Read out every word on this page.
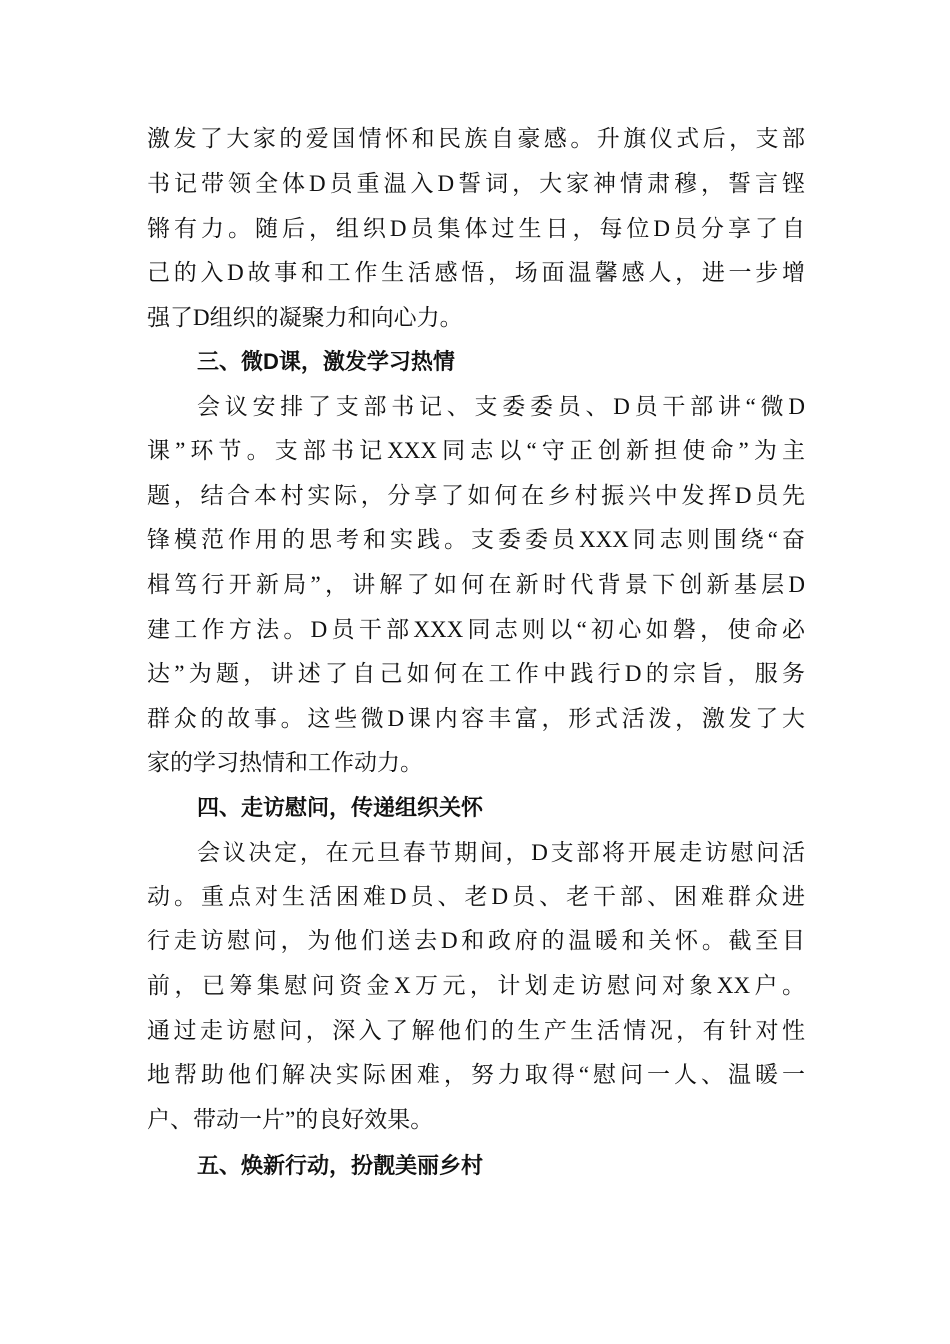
激发了大家的爱国情怀和民族自豪感。升旗仪式后，支部
书记带领全体D员重温入D誓词，大家神情肃穆，誓言铿
锵有力。随后，组织D员集体过生日，每位D员分享了自
己的入D故事和工作生活感悟，场面温馨感人，进一步增
强了D组织的凝聚力和向心力。
三、微D课，激发学习热情
会议安排了支部书记、支委委员、D员干部讲“微D
课”环节。支部书记XXX同志以“守正创新担使命”为主
题，结合本村实际，分享了如何在乡村振兴中发挥D员先
锋模范作用的思考和实践。支委委员XXX同志则围绕“奋
楫笃行开新局”，讲解了如何在新时代背景下创新基层D
建工作方法。D员干部XXX同志则以“初心如磐，使命必
达”为题，讲述了自己如何在工作中践行D的宗旨，服务
群众的故事。这些微D课内容丰富，形式活泼，激发了大
家的学习热情和工作动力。
四、走访慰问，传递组织关怀
会议决定，在元旦春节期间，D支部将开展走访慰问活
动。重点对生活困难D员、老D员、老干部、困难群众进
行走访慰问，为他们送去D和政府的温暖和关怀。截至目
前，已筹集慰问资金X万元，计划走访慰问对象XX户。
通过走访慰问，深入了解他们的生产生活情况，有针对性
地帮助他们解决实际困难，努力取得“慰问一人、温暖一
户、带动一片”的良好效果。
五、焕新行动，扮靓美丽乡村
